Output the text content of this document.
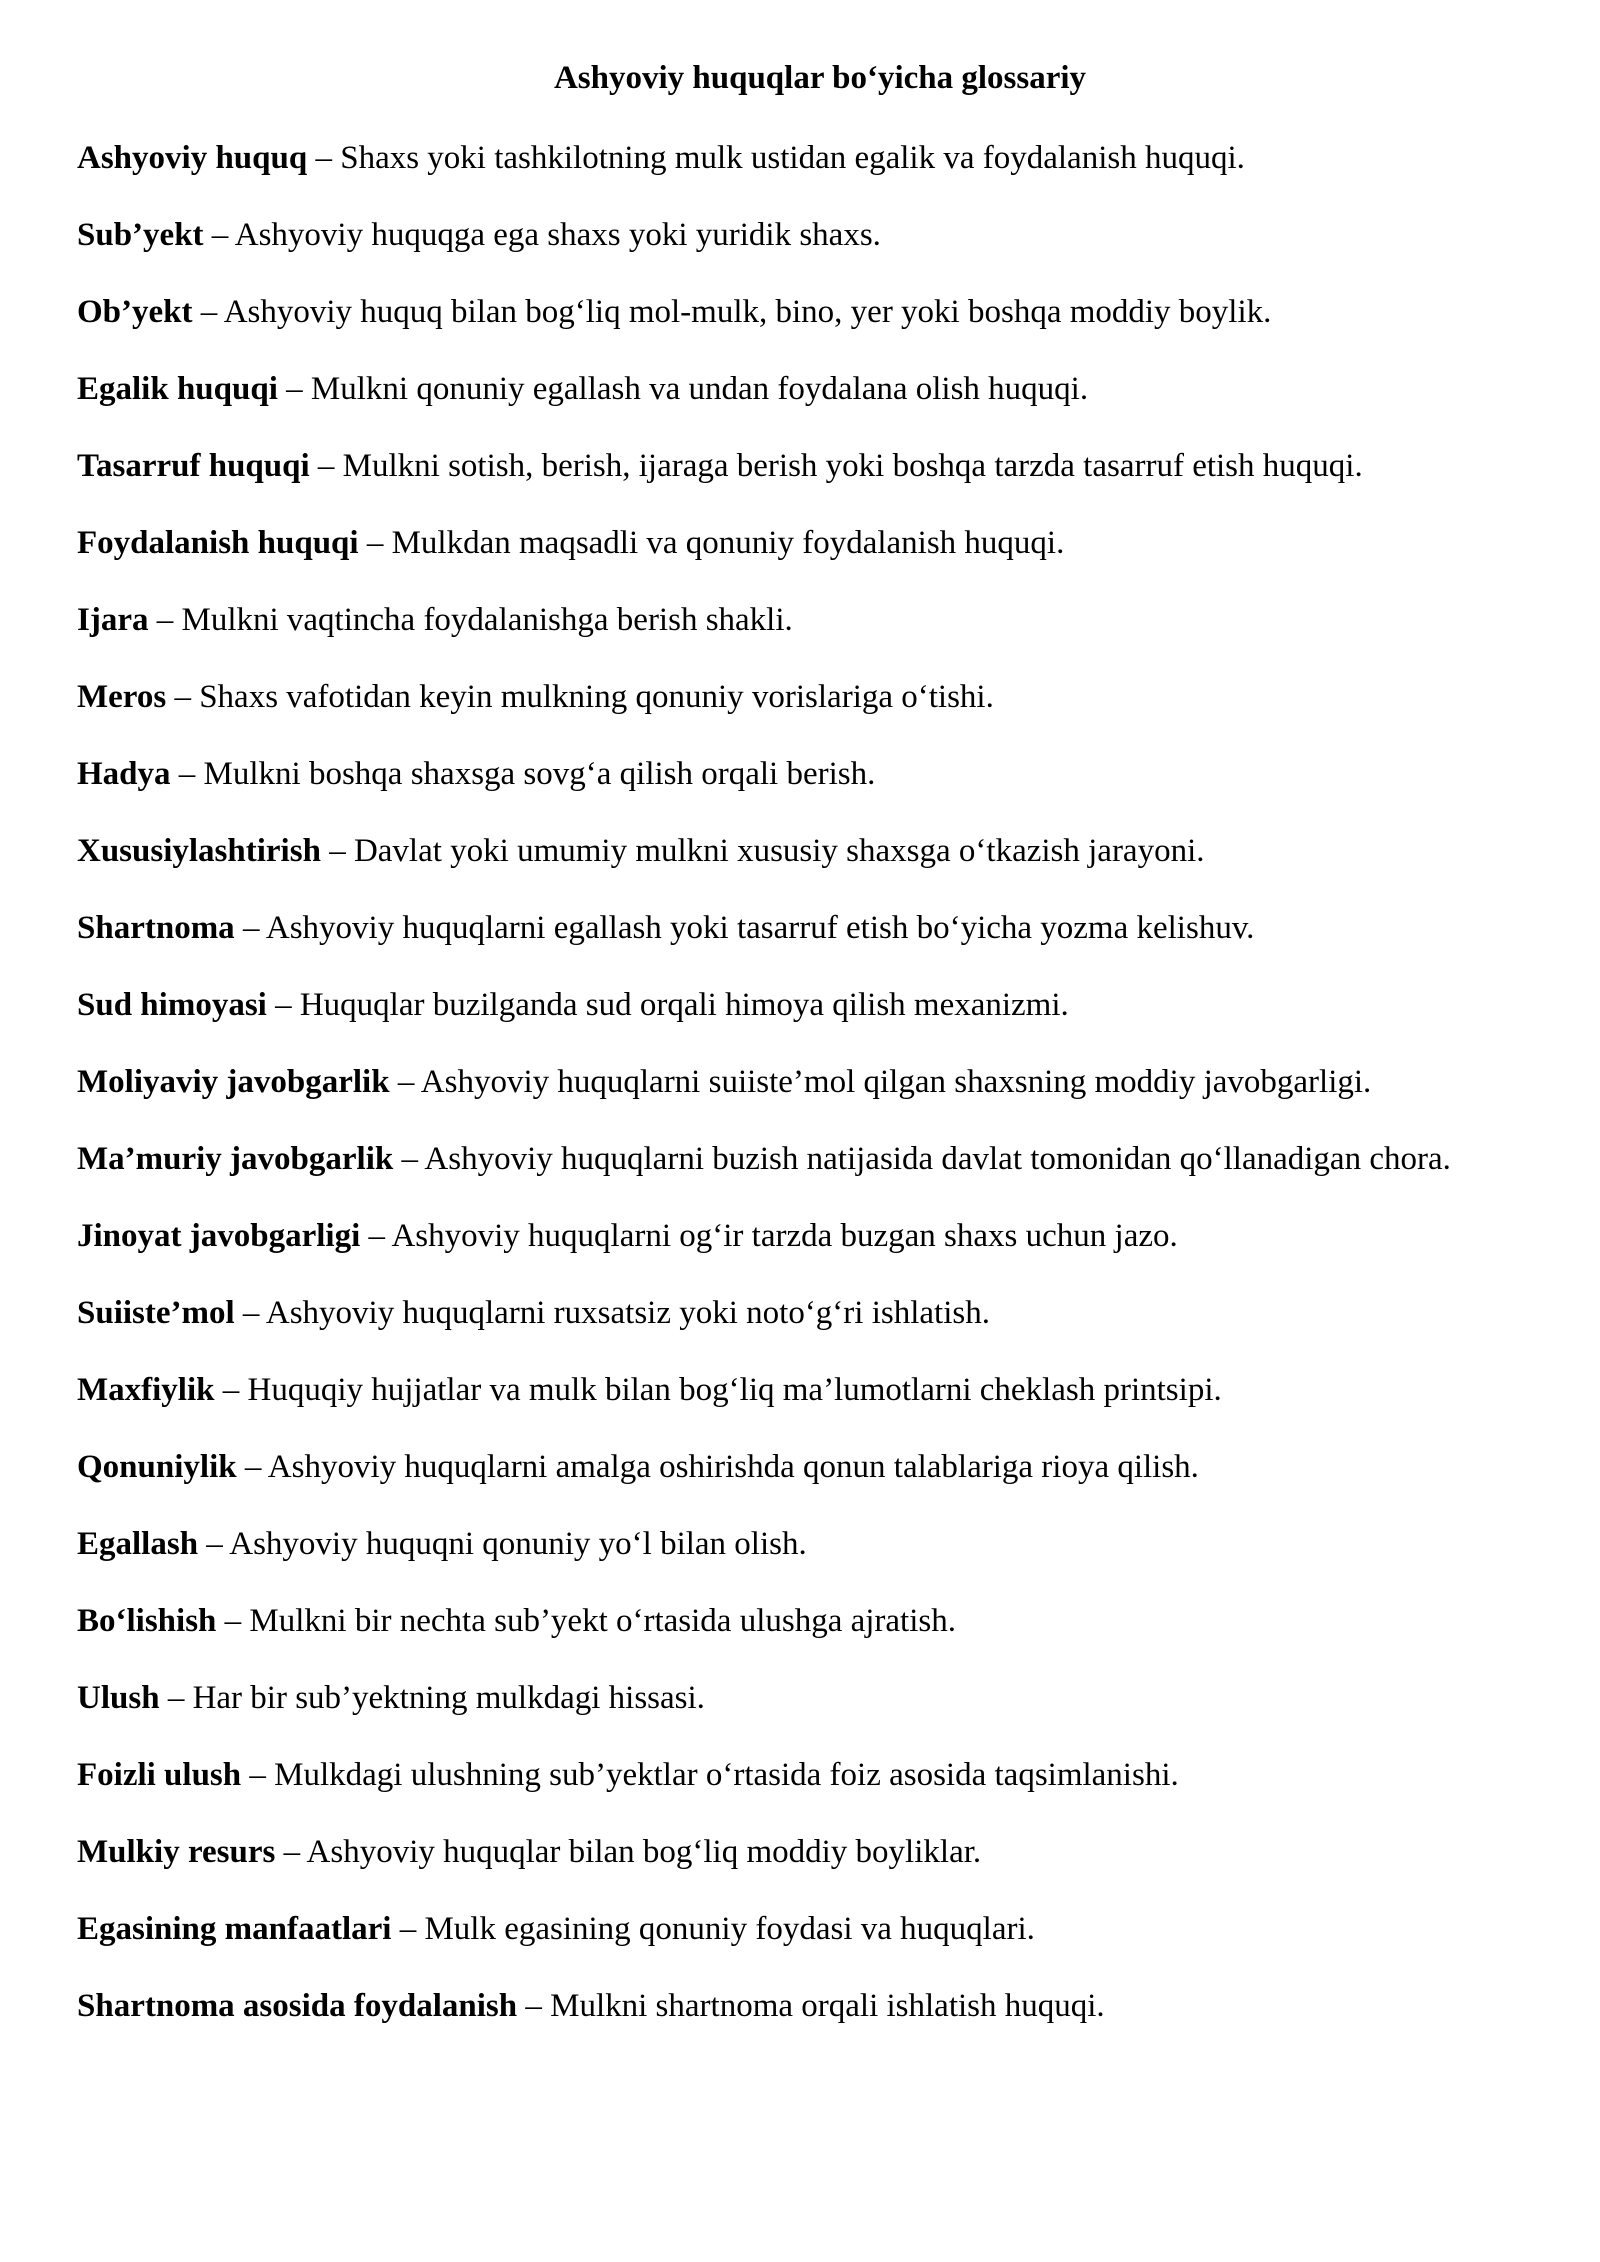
Ashyoviy huquqlar bo‘yicha glossariy
Ashyoviy huquq – Shaxs yoki tashkilotning mulk ustidan egalik va foydalanish huquqi.
Sub’yekt – Ashyoviy huquqga ega shaxs yoki yuridik shaxs.
Ob’yekt – Ashyoviy huquq bilan bog‘liq mol-mulk, bino, yer yoki boshqa moddiy boylik.
Egalik huquqi – Mulkni qonuniy egallash va undan foydalana olish huquqi.
Tasarruf huquqi – Mulkni sotish, berish, ijaraga berish yoki boshqa tarzda tasarruf etish huquqi.
Foydalanish huquqi – Mulkdan maqsadli va qonuniy foydalanish huquqi.
Ijara – Mulkni vaqtincha foydalanishga berish shakli.
Meros – Shaxs vafotidan keyin mulkning qonuniy vorislariga o‘tishi.
Hadya – Mulkni boshqa shaxsga sovg‘a qilish orqali berish.
Xususiylashtirish – Davlat yoki umumiy mulkni xususiy shaxsga o‘tkazish jarayoni.
Shartnoma – Ashyoviy huquqlarni egallash yoki tasarruf etish bo‘yicha yozma kelishuv.
Sud himoyasi – Huquqlar buzilganda sud orqali himoya qilish mexanizmi.
Moliyaviy javobgarlik – Ashyoviy huquqlarni suiiste’mol qilgan shaxsning moddiy javobgarligi.
Ma’muriy javobgarlik – Ashyoviy huquqlarni buzish natijasida davlat tomonidan qo‘llanadigan chora.
Jinoyat javobgarligi – Ashyoviy huquqlarni og‘ir tarzda buzgan shaxs uchun jazo.
Suiiste’mol – Ashyoviy huquqlarni ruxsatsiz yoki noto‘g‘ri ishlatish.
Maxfiylik – Huquqiy hujjatlar va mulk bilan bog‘liq ma’lumotlarni cheklash printsipi.
Qonuniylik – Ashyoviy huquqlarni amalga oshirishda qonun talablariga rioya qilish.
Egallash – Ashyoviy huquqni qonuniy yo‘l bilan olish.
Bo‘lishish – Mulkni bir nechta sub’yekt o‘rtasida ulushga ajratish.
Ulush – Har bir sub’yektning mulkdagi hissasi.
Foizli ulush – Mulkdagi ulushning sub’yektlar o‘rtasida foiz asosida taqsimlanishi.
Mulkiy resurs – Ashyoviy huquqlar bilan bog‘liq moddiy boyliklar.
Egasining manfaatlari – Mulk egasining qonuniy foydasi va huquqlari.
Shartnoma asosida foydalanish – Mulkni shartnoma orqali ishlatish huquqi.
